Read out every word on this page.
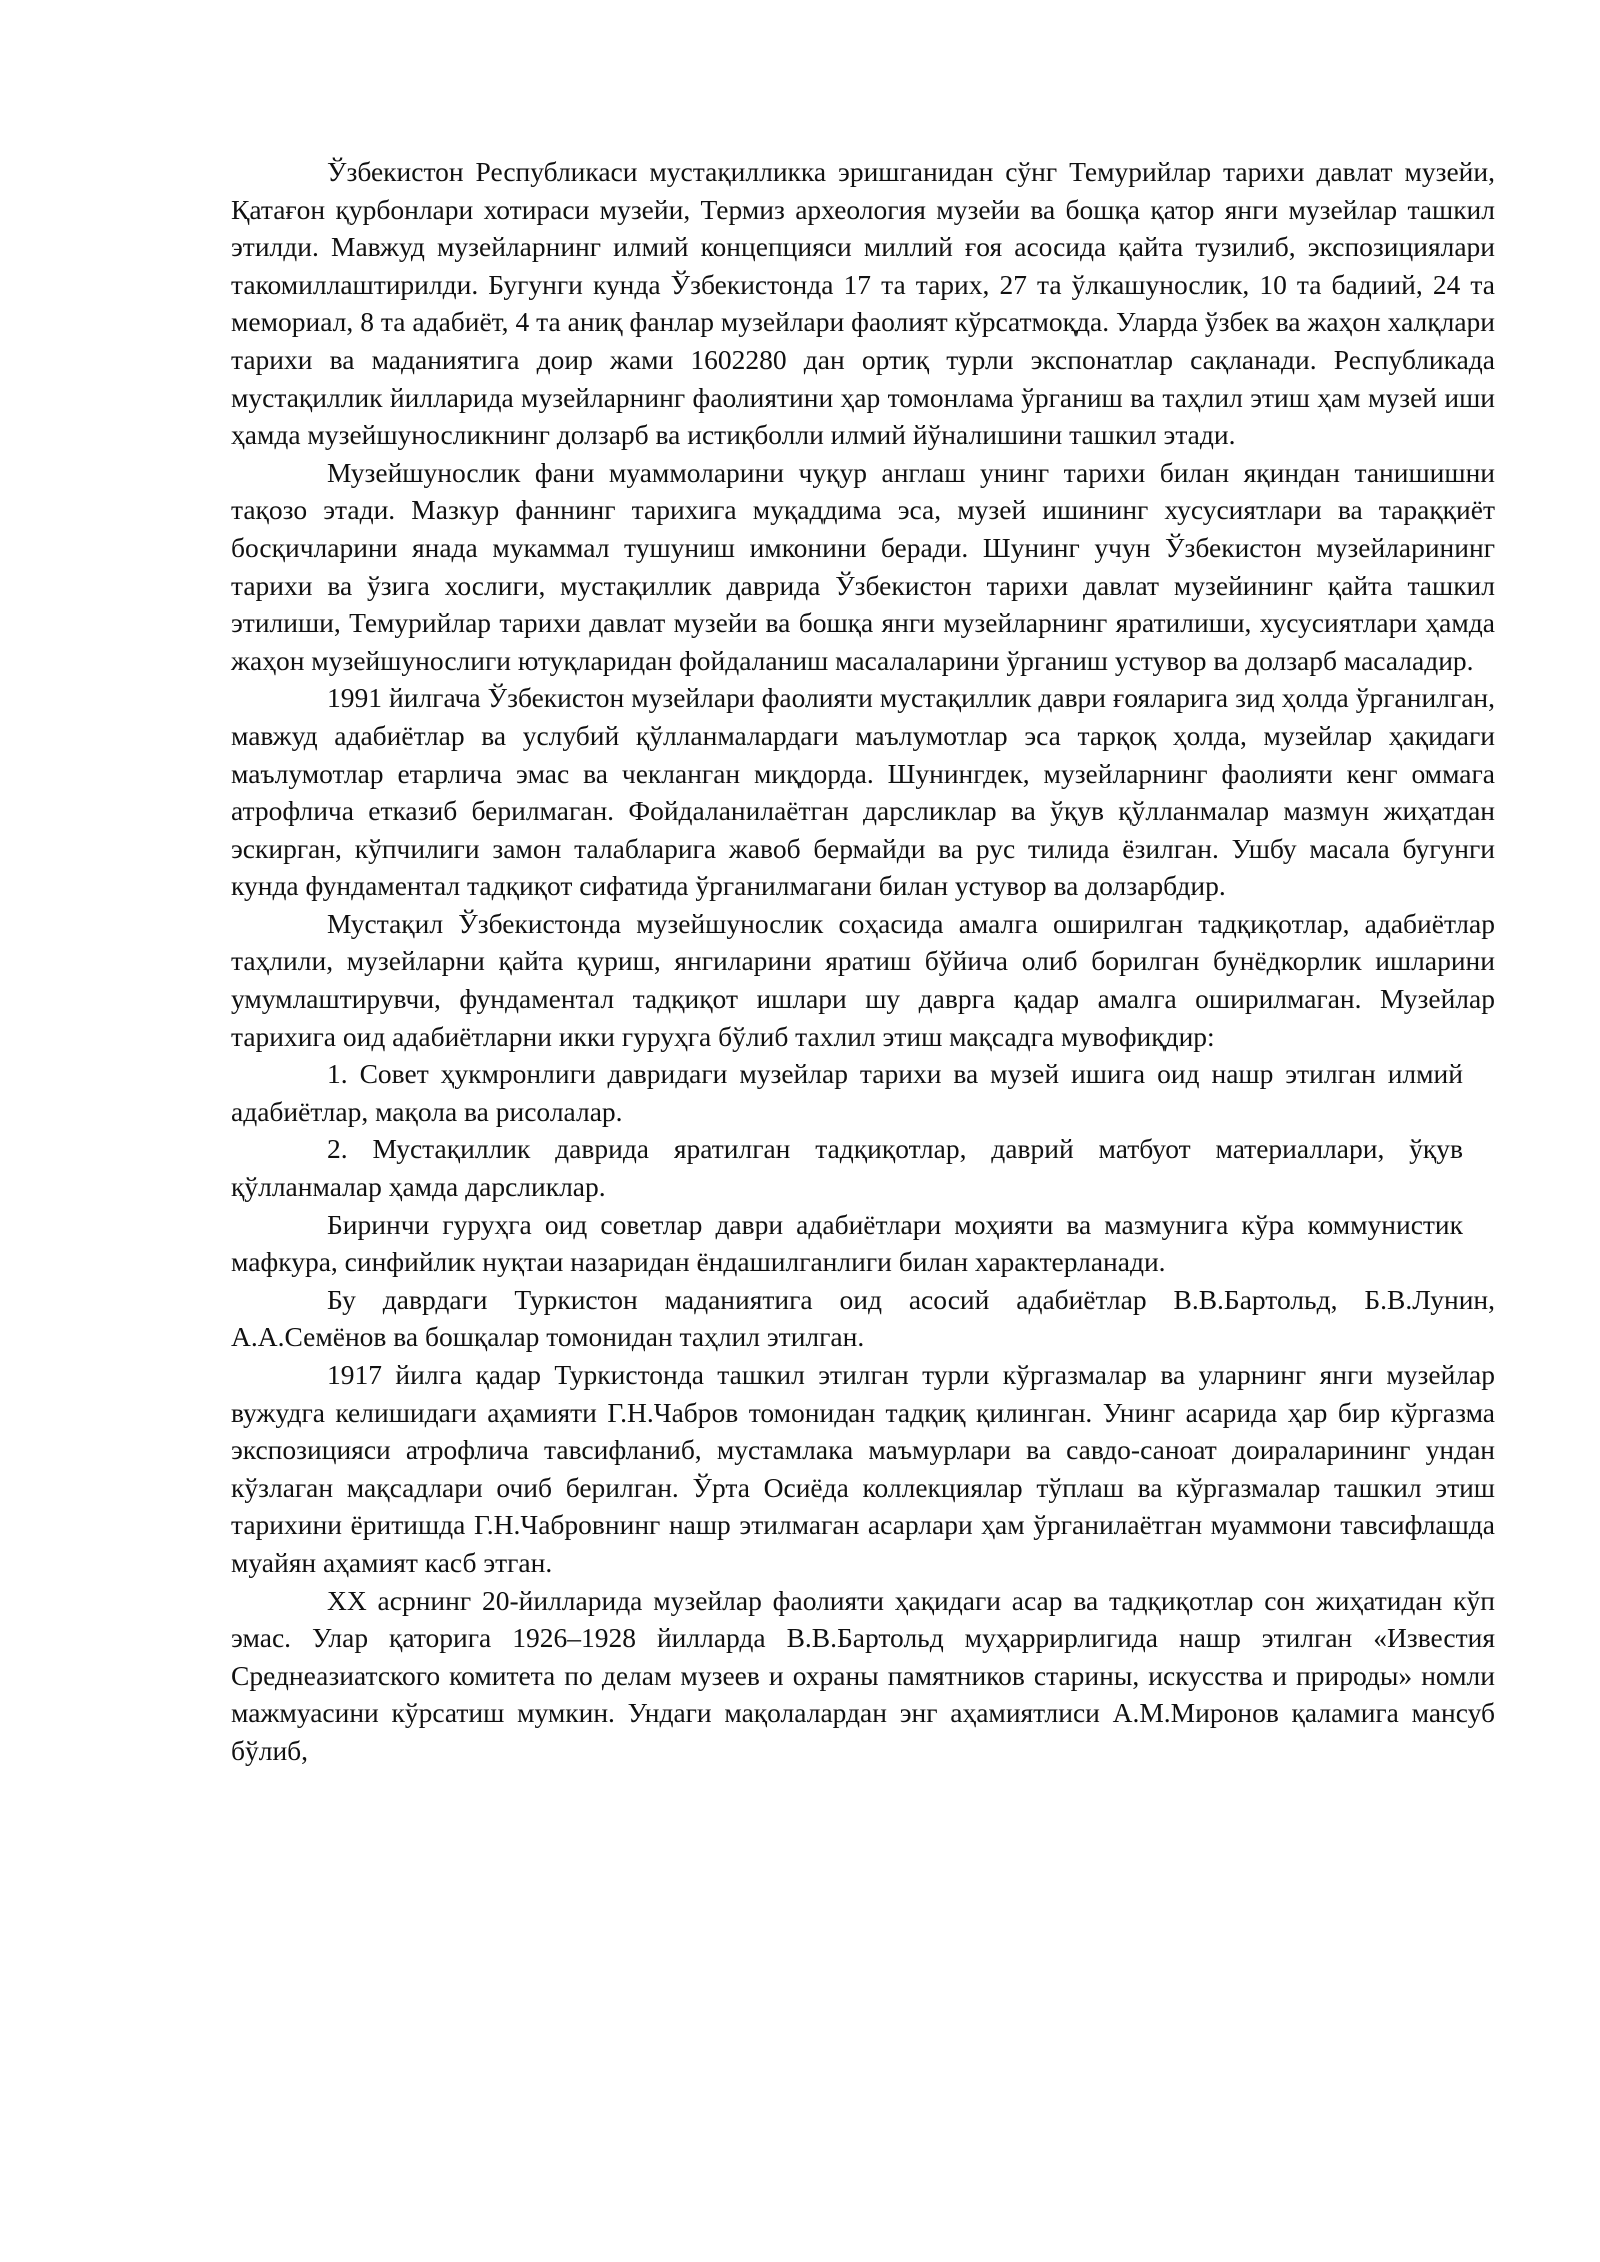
Ўзбекистон Республикаси мустақилликка эришганидан сўнг Темурийлар тарихи давлат музейи, Қатағон қурбонлари хотираси музейи, Термиз археология музейи ва бошқа қатор янги музейлар ташкил этилди. Мавжуд музейларнинг илмий концепцияси миллий ғоя асосида қайта тузилиб, экспозициялари такомиллаштирилди. Бугунги кунда Ўзбекистонда 17 та тарих, 27 та ўлкашунослик, 10 та бадиий, 24 та мемориал, 8 та адабиёт, 4 та аниқ фанлар музейлари фаолият кўрсатмоқда. Уларда ўзбек ва жаҳон халқлари тарихи ва маданиятига доир жами 1602280 дан ортиқ турли экспонатлар сақланади. Республикада мустақиллик йилларида музейларнинг фаолиятини ҳар томонлама ўрганиш ва таҳлил этиш ҳам музей иши ҳамда музейшуносликнинг долзарб ва истиқболли илмий йўналишини ташкил этади.

Музейшунослик фани муаммоларини чуқур англаш унинг тарихи билан яқиндан танишишни тақозо этади. Мазкур фаннинг тарихига муқаддима эса, музей ишининг хусусиятлари ва тараққиёт босқичларини янада мукаммал тушуниш имконини беради. Шунинг учун Ўзбекистон музейларининг тарихи ва ўзига хослиги, мустақиллик даврида Ўзбекистон тарихи давлат музейининг қайта ташкил этилиши, Темурийлар тарихи давлат музейи ва бошқа янги музейларнинг яратилиши, хусусиятлари ҳамда жаҳон музейшунослиги ютуқларидан фойдаланиш масалаларини ўрганиш устувор ва долзарб масаладир.

1991 йилгача Ўзбекистон музейлари фаолияти мустақиллик даври ғояларига зид ҳолда ўрганилган, мавжуд адабиётлар ва услубий қўлланмалардаги маълумотлар эса тарқоқ ҳолда, музейлар ҳақидаги маълумотлар етарлича эмас ва чекланган миқдорда. Шунингдек, музейларнинг фаолияти кенг оммага атрофлича етказиб берилмаган. Фойдаланилаётган дарсликлар ва ўқув қўлланмалар мазмун жиҳатдан эскирган, кўпчилиги замон талабларига жавоб бермайди ва рус тилида ёзилган. Ушбу масала бугунги кунда фундаментал тадқиқот сифатида ўрганилмагани билан устувор ва долзарбдир.

Мустақил Ўзбекистонда музейшунослик соҳасида амалга оширилган тадқиқотлар, адабиётлар таҳлили, музейларни қайта қуриш, янгиларини яратиш бўйича олиб борилган бунёдкорлик ишларини умумлаштирувчи, фундаментал тадқиқот ишлари шу даврга қадар амалга оширилмаган. Музейлар тарихига оид адабиётларни икки гуруҳга бўлиб тахлил этиш мақсадга мувофиқдир:

1. Совет ҳукмронлиги давридаги музейлар тарихи ва музей ишига оид нашр этилган илмий адабиётлар, мақола ва рисолалар.

2. Мустақиллик даврида яратилган тадқиқотлар, даврий матбуот материаллари, ўқув қўлланмалар ҳамда дарсликлар.

Биринчи гуруҳга оид советлар даври адабиётлари моҳияти ва мазмунига кўра коммунистик мафкура, синфийлик нуқтаи назаридан ёндашилганлиги билан характерланади.

Бу даврдаги Туркистон маданиятига оид асосий адабиётлар В.В.Бартольд, Б.В.Лунин, А.А.Семёнов ва бошқалар томонидан таҳлил этилган.

1917 йилга қадар Туркистонда ташкил этилган турли кўргазмалар ва уларнинг янги музейлар вужудга келишидаги аҳамияти Г.Н.Чабров томонидан тадқиқ қилинган. Унинг асарида ҳар бир кўргазма экспозицияси атрофлича тавсифланиб, мустамлака маъмурлари ва савдо-саноат доираларининг ундан кўзлаган мақсадлари очиб берилган. Ўрта Осиёда коллекциялар тўплаш ва кўргазмалар ташкил этиш тарихини ёритишда Г.Н.Чабровнинг нашр этилмаган асарлари ҳам ўрганилаётган муаммони тавсифлашда муайян аҳамият касб этган.

XX асрнинг 20-йилларида музейлар фаолияти ҳақидаги асар ва тадқиқотлар сон жиҳатидан кўп эмас. Улар қаторига 1926–1928 йилларда В.В.Бартольд муҳаррирлигида нашр этилган «Известия Среднеазиатского комитета по делам музеев и охраны памятников старины, искусства и природы» номли мажмуасини кўрсатиш мумкин. Ундаги мақолалардан энг аҳамиятлиси А.М.Миронов қаламига мансуб бўлиб,
